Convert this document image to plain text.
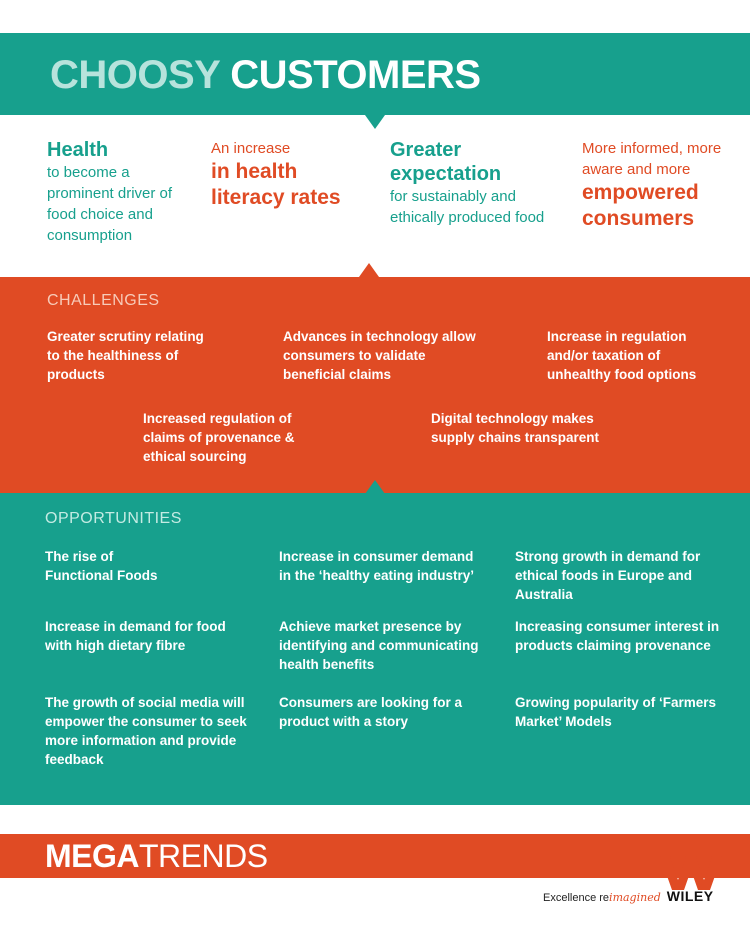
CHOOSY CUSTOMERS
Health
to become a prominent driver of food choice and consumption
An increase
in health literacy rates
Greater expectation
for sustainably and ethically produced food
More informed, more aware and more
empowered consumers
CHALLENGES
Greater scrutiny relating to the healthiness of products
Advances in technology allow consumers to validate beneficial claims
Increase in regulation and/or taxation of unhealthy food options
Increased regulation of claims of provenance & ethical sourcing
Digital technology makes supply chains transparent
OPPORTUNITIES
The rise of Functional Foods
Increase in consumer demand in the ‘healthy eating industry’
Strong growth in demand for ethical foods in Europe and Australia
Increase in demand for food with high dietary fibre
Achieve market presence by identifying and communicating health benefits
Increasing consumer interest in products claiming provenance
The growth of social media will empower the consumer to seek more information and provide feedback
Consumers are looking for a product with a story
Growing popularity of ‘Farmers Market’ Models
MEGATRENDS
Excellence reimagined WILEY
